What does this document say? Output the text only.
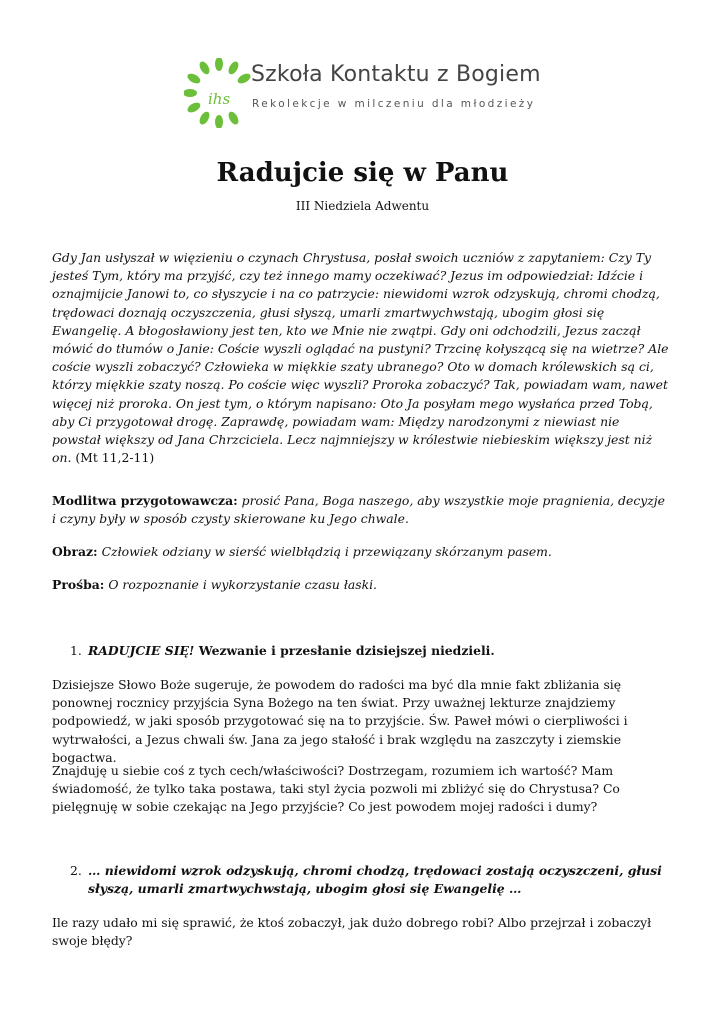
ihs
Szkoła Kontaktu z Bogiem
Rekolekcje w milczeniu dla młodzieży
Radujcie się w Panu
III Niedziela Adwentu

Gdy Jan usłyszał w więzieniu o czynach Chrystusa, posłał swoich uczniów z zapytaniem: Czy Ty jesteś Tym, który ma przyjść, czy też innego mamy oczekiwać? Jezus im odpowiedział: Idźcie i oznajmijcie Janowi to, co słyszycie i na co patrzycie: niewidomi wzrok odzyskują, chromi chodzą, trędowaci doznają oczyszczenia, głusi słyszą, umarli zmartwychwstają, ubogim głosi się Ewangelię. A błogosławiony jest ten, kto we Mnie nie zwątpi. Gdy oni odchodzili, Jezus zaczął mówić do tłumów o Janie: Coście wyszli oglądać na pustyni? Trzcinę kołyszącą się na wietrze? Ale coście wyszli zobaczyć? Człowieka w miękkie szaty ubranego? Oto w domach królewskich są ci, którzy miękkie szaty noszą. Po coście więc wyszli? Proroka zobaczyć? Tak, powiadam wam, nawet więcej niż proroka. On jest tym, o którym napisano: Oto Ja posyłam mego wysłańca przed Tobą, aby Ci przygotował drogę. Zaprawdę, powiadam wam: Między narodzonymi z niewiast nie powstał większy od Jana Chrzciciela. Lecz najmniejszy w królestwie niebieskim większy jest niż on. (Mt 11,2-11)

Modlitwa przygotowawcza: prosić Pana, Boga naszego, aby wszystkie moje pragnienia, decyzje i czyny były w sposób czysty skierowane ku Jego chwale.

Obraz: Człowiek odziany w sierść wielbłądzią i przewiązany skórzanym pasem.

Prośba: O rozpoznanie i wykorzystanie czasu łaski.

1. RADUJCIE SIĘ! Wezwanie i przesłanie dzisiejszej niedzieli.

Dzisiejsze Słowo Boże sugeruje, że powodem do radości ma być dla mnie fakt zbliżania się ponownej rocznicy przyjścia Syna Bożego na ten świat. Przy uważnej lekturze znajdziemy podpowiedź, w jaki sposób przygotować się na to przyjście. Św. Paweł mówi o cierpliwości i wytrwałości, a Jezus chwali św. Jana za jego stałość i brak względu na zaszczyty i ziemskie bogactwa.

Znajduję u siebie coś z tych cech/właściwości? Dostrzegam, rozumiem ich wartość? Mam świadomość, że tylko taka postawa, taki styl życia pozwoli mi zbliżyć się do Chrystusa? Co pielęgnuję w sobie czekając na Jego przyjście? Co jest powodem mojej radości i dumy?

2. … niewidomi wzrok odzyskują, chromi chodzą, trędowaci zostają oczyszczeni, głusi słyszą, umarli zmartwychwstają, ubogim głosi się Ewangelię …

Ile razy udało mi się sprawić, że ktoś zobaczył, jak dużo dobrego robi? Albo przejrzał i zobaczył swoje błędy?
